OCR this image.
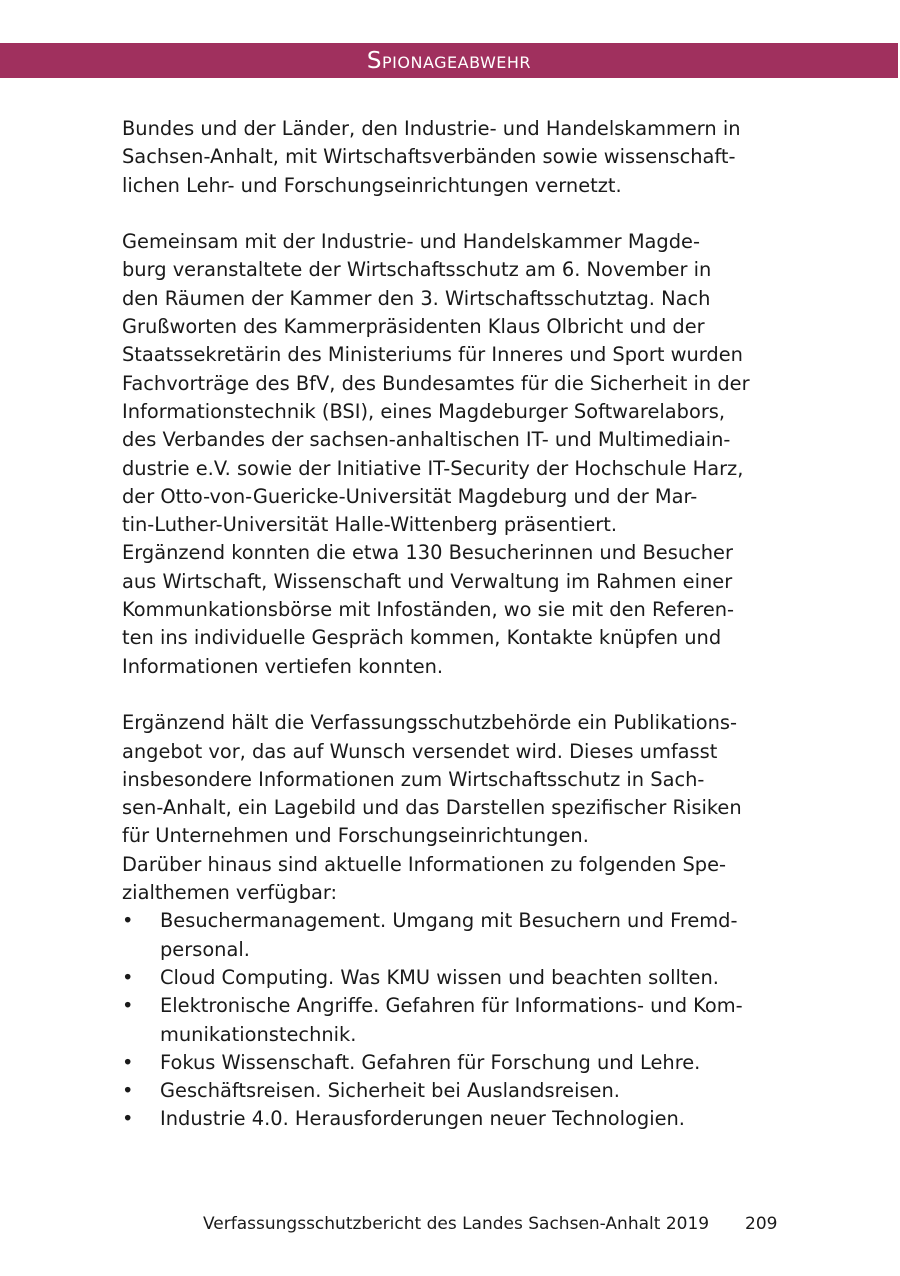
Spionageabwehr
Bundes und der Länder, den Industrie- und Handelskammern in
Sachsen-Anhalt, mit Wirtschaftsverbänden sowie wissenschaft-
lichen Lehr- und Forschungseinrichtungen vernetzt.
Gemeinsam mit der Industrie- und Handelskammer Magde-
burg veranstaltete der Wirtschaftsschutz am 6. November in
den Räumen der Kammer den 3. Wirtschaftsschutztag. Nach
Grußworten des Kammerpräsidenten Klaus Olbricht und der
Staatssekretärin des Ministeriums für Inneres und Sport wurden
Fachvorträge des BfV, des Bundesamtes für die Sicherheit in der
Informationstechnik (BSI), eines Magdeburger Softwarelabors,
des Verbandes der sachsen-anhaltischen IT- und Multimediain-
dustrie e.V. sowie der Initiative IT-Security der Hochschule Harz,
der Otto-von-Guericke-Universität Magdeburg und der Mar-
tin-Luther-Universität Halle-Wittenberg präsentiert.
Ergänzend konnten die etwa 130 Besucherinnen und Besucher
aus Wirtschaft, Wissenschaft und Verwaltung im Rahmen einer
Kommunkationsbörse mit Infoständen, wo sie mit den Referen-
ten ins individuelle Gespräch kommen, Kontakte knüpfen und
Informationen vertiefen konnten.
Ergänzend hält die Verfassungsschutzbehörde ein Publikations-
angebot vor, das auf Wunsch versendet wird. Dieses umfasst
insbesondere Informationen zum Wirtschaftsschutz in Sach-
sen-Anhalt, ein Lagebild und das Darstellen spezifischer Risiken
für Unternehmen und Forschungseinrichtungen.
Darüber hinaus sind aktuelle Informationen zu folgenden Spe-
zialthemen verfügbar:
• Besuchermanagement. Umgang mit Besuchern und Fremd-
personal.
• Cloud Computing. Was KMU wissen und beachten sollten.
• Elektronische Angriffe. Gefahren für Informations- und Kom-
munikationstechnik.
• Fokus Wissenschaft. Gefahren für Forschung und Lehre.
• Geschäftsreisen. Sicherheit bei Auslandsreisen.
• Industrie 4.0. Herausforderungen neuer Technologien.
Verfassungsschutzbericht des Landes Sachsen-Anhalt 2019 209
